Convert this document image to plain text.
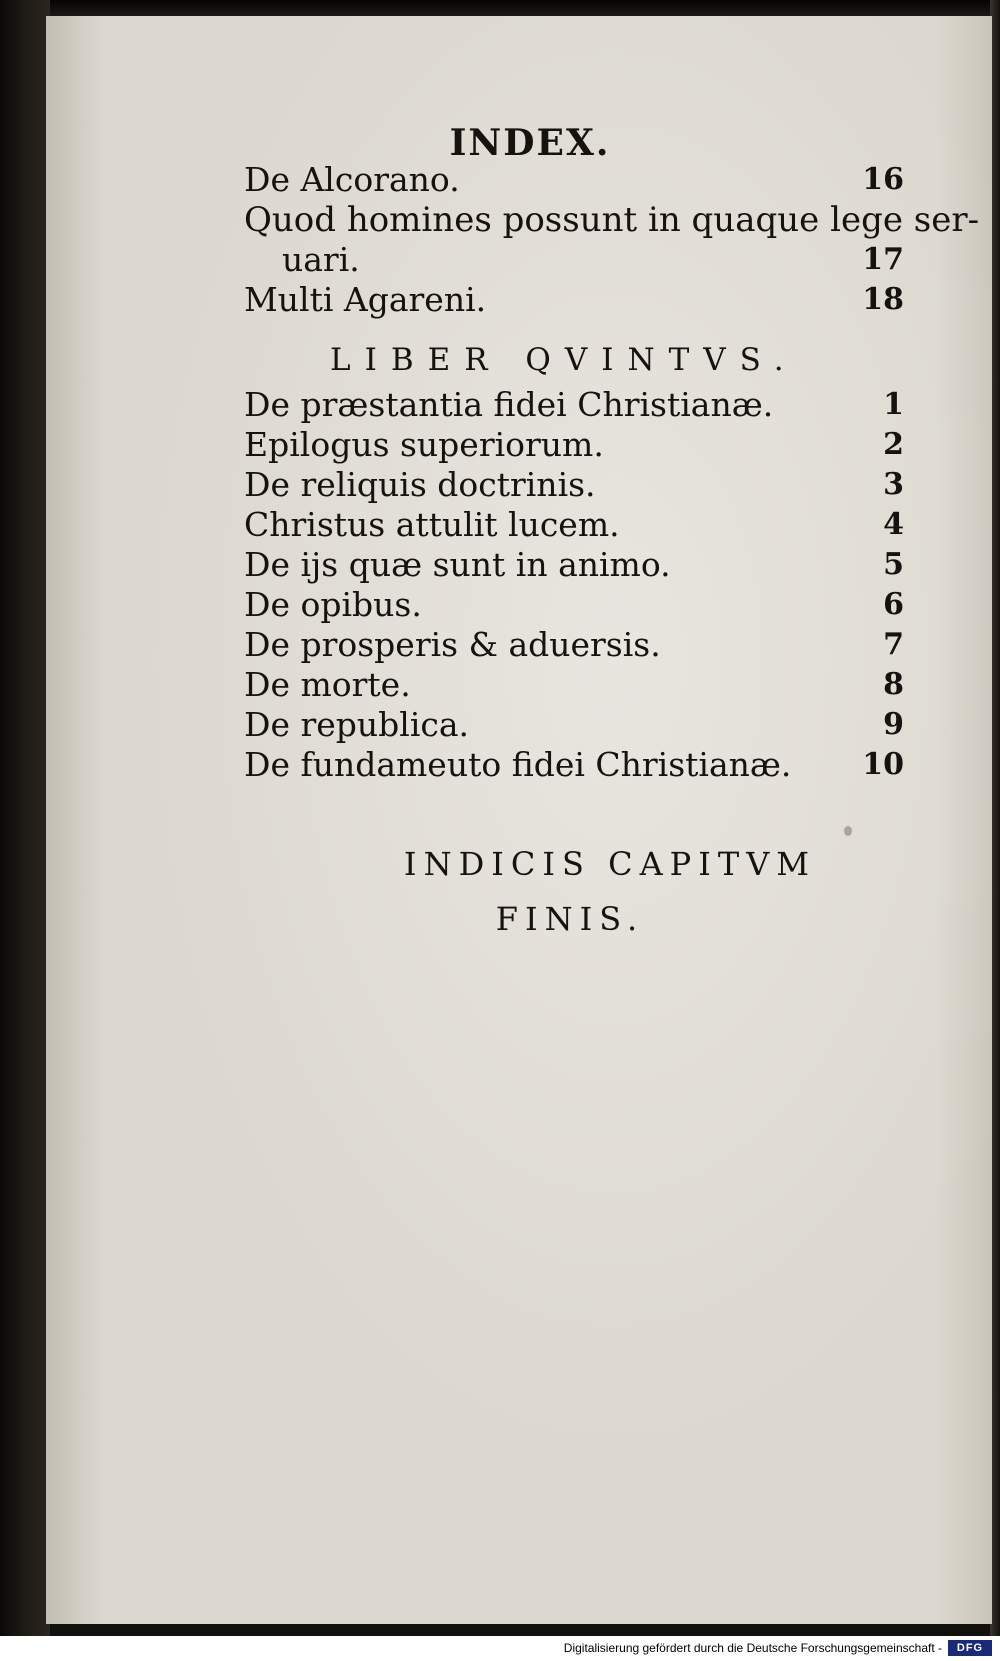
INDEX.
De Alcorano.	16
Quod homines possunt in quaque lege ser-
uari.	17
Multi Agareni.	18
LIBER QVINTVS.
De præstantia fidei Christianæ.	1
Epilogus superiorum.	2
De reliquis doctrinis.	3
Christus attulit lucem.	4
De ijs quæ sunt in animo.	5
De opibus.	6
De prosperis & aduersis.	7
De morte.	8
De republica.	9
De fundameuto fidei Christianæ. 10
INDICIS CAPITVM
FINIS.
Digitalisierung gefördert durch die Deutsche Forschungsgemeinschaft -	DFG
